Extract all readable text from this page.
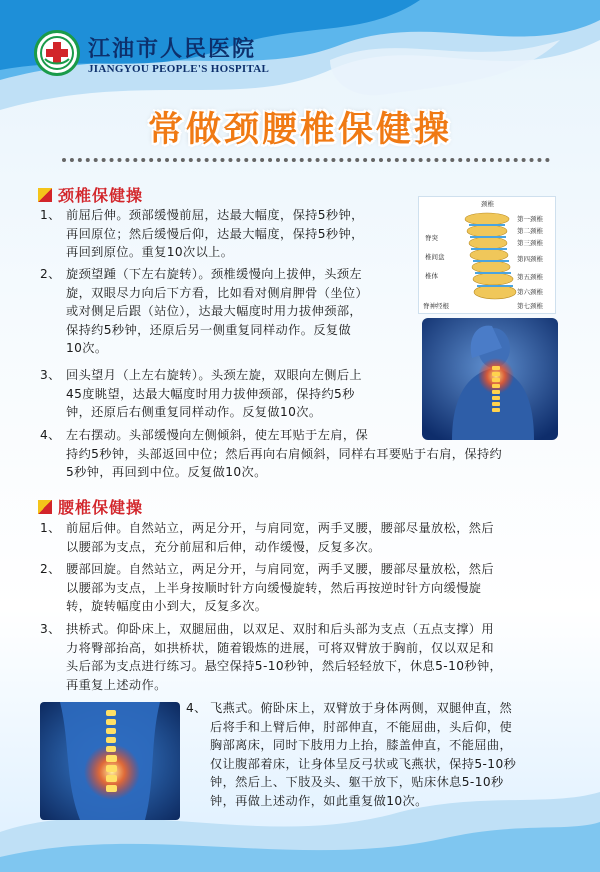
江油市人民医院
JIANGYOU PEOPLE'S HOSPITAL
常做颈腰椎保健操
颈椎保健操
1、 前屈后伸。颈部缓慢前屈，达最大幅度，保持5秒钟，
再回原位；然后缓慢后仰，达最大幅度，保持5秒钟，
再回到原位。重复10次以上。
2、 旋颈望踵（下左右旋转）。颈椎缓慢向上拔伸，头颈左
旋，双眼尽力向后下方看，比如看对侧肩胛骨（坐位）
或对侧足后跟（站位），达最大幅度时用力拔伸颈部，
保持约5秒钟，还原后另一侧重复同样动作。反复做
10次。
3、 回头望月（上左右旋转）。头颈左旋，双眼向左侧后上
45度眺望，达最大幅度时用力拔伸颈部，保持约5秒
钟，还原后右侧重复同样动作。反复做10次。
4、 左右摆动。头部缓慢向左侧倾斜，使左耳贴于左肩，保
持约5秒钟，头部返回中位；然后再向右肩倾斜，同样右耳要贴于右肩，保持约
5秒钟，再回到中位。反复做10次。
颈椎
第一颈椎
第二颈椎
第三颈椎
第四颈椎
第五颈椎
第六颈椎
第七颈椎
脊突
椎间盘
椎体
脊神经根
腰椎保健操
1、 前屈后伸。自然站立，两足分开，与肩同宽，两手叉腰，腰部尽量放松，然后
以腰部为支点，充分前屈和后伸，动作缓慢，反复多次。
2、 腰部回旋。自然站立，两足分开，与肩同宽，两手叉腰，腰部尽量放松，然后
以腰部为支点，上半身按顺时针方向缓慢旋转，然后再按逆时针方向缓慢旋
转，旋转幅度由小到大，反复多次。
3、 拱桥式。仰卧床上，双腿屈曲，以双足、双肘和后头部为支点（五点支撑）用
力将臀部抬高，如拱桥状，随着锻炼的进展，可将双臂放于胸前，仅以双足和
头后部为支点进行练习。悬空保持5-10秒钟，然后轻轻放下，休息5-10秒钟，
再重复上述动作。
4、 飞燕式。俯卧床上，双臂放于身体两侧，双腿伸直，然
后将手和上臂后伸，肘部伸直，不能屈曲，头后仰，使
胸部离床，同时下肢用力上抬，膝盖伸直，不能屈曲，
仅让腹部着床，让身体呈反弓状或飞燕状，保持5-10秒
钟，然后上、下肢及头、躯干放下，贴床休息5-10秒
钟，再做上述动作，如此重复做10次。
